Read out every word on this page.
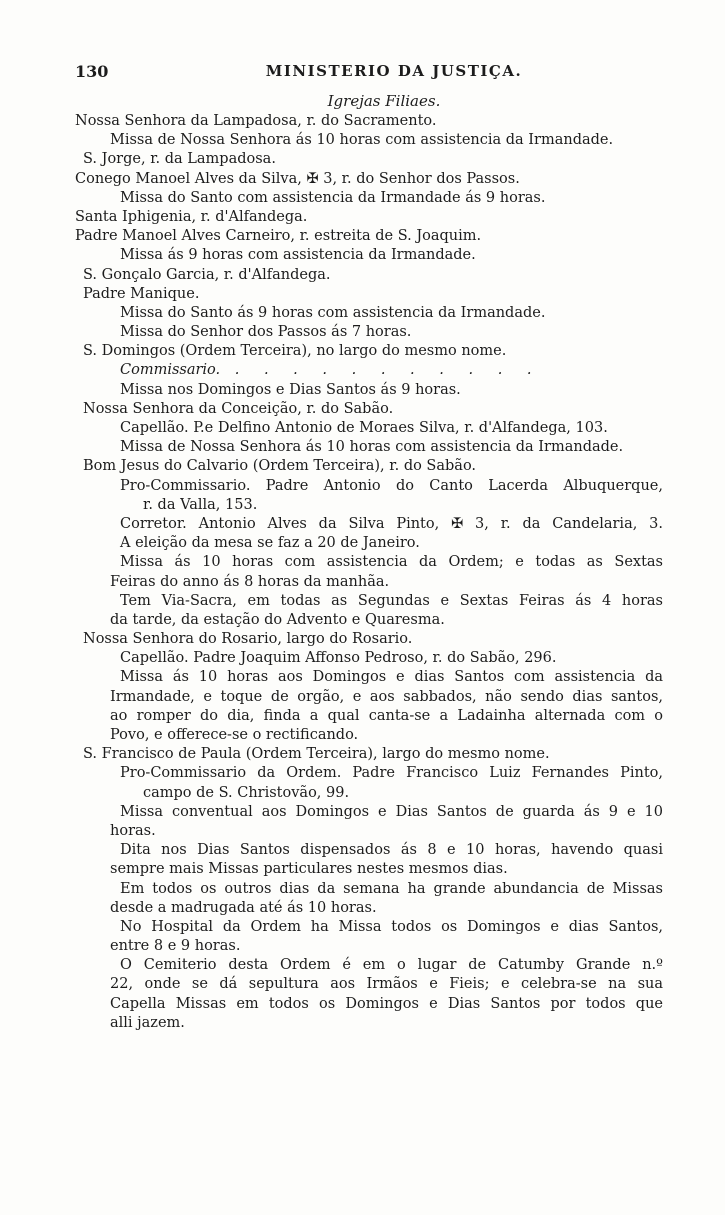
130	MINISTERIO DA JUSTIÇA.
Igrejas Filiaes.
Nossa Senhora da Lampadosa, r. do Sacramento.
Missa de Nossa Senhora ás 10 horas com assistencia da Irmandade.
S. Jorge, r. da Lampadosa.
Conego Manoel Alves da Silva, ✠ 3, r. do Senhor dos Passos.
Missa do Santo com assistencia da Irmandade ás 9 horas.
Santa Iphigenia, r. d'Alfandega.
Padre Manoel Alves Carneiro, r. estreita de S. Joaquim.
Missa ás 9 horas com assistencia da Irmandade.
S. Gonçalo Garcia, r. d'Alfandega.
Padre Manique.
Missa do Santo ás 9 horas com assistencia da Irmandade.
Missa do Senhor dos Passos ás 7 horas.
S. Domingos (Ordem Terceira), no largo do mesmo nome.
Commissario. . . . . . . . . . . .
Missa nos Domingos e Dias Santos ás 9 horas.
Nossa Senhora da Conceição, r. do Sabão.
Capellão. P.e Delfino Antonio de Moraes Silva, r. d'Alfandega, 103.
Missa de Nossa Senhora ás 10 horas com assistencia da Irmandade.
Bom Jesus do Calvario (Ordem Terceira), r. do Sabão.
Pro-Commissario. Padre Antonio do Canto Lacerda Albuquerque,
r. da Valla, 153.
Corretor. Antonio Alves da Silva Pinto, ✠ 3, r. da Candelaria, 3.
A eleição da mesa se faz a 20 de Janeiro.
Missa ás 10 horas com assistencia da Ordem; e todas as Sextas
Feiras do anno ás 8 horas da manhãa.
Tem Via-Sacra, em todas as Segundas e Sextas Feiras ás 4 horas
da tarde, da estação do Advento e Quaresma.
Nossa Senhora do Rosario, largo do Rosario.
Capellão. Padre Joaquim Affonso Pedroso, r. do Sabão, 296.
Missa ás 10 horas aos Domingos e dias Santos com assistencia da
Irmandade, e toque de orgão, e aos sabbados, não sendo dias santos,
ao romper do dia, finda a qual canta-se a Ladainha alternada com o
Povo, e offerece-se o rectificando.
S. Francisco de Paula (Ordem Terceira), largo do mesmo nome.
Pro-Commissario da Ordem. Padre Francisco Luiz Fernandes Pinto,
campo de S. Christovão, 99.
Missa conventual aos Domingos e Dias Santos de guarda ás 9 e 10
horas.
Dita nos Dias Santos dispensados ás 8 e 10 horas, havendo quasi
sempre mais Missas particulares nestes mesmos dias.
Em todos os outros dias da semana ha grande abundancia de Missas
desde a madrugada até ás 10 horas.
No Hospital da Ordem ha Missa todos os Domingos e dias Santos,
entre 8 e 9 horas.
O Cemiterio desta Ordem é em o lugar de Catumby Grande n.º
22, onde se dá sepultura aos Irmãos e Fieis; e celebra-se na sua
Capella Missas em todos os Domingos e Dias Santos por todos que
alli jazem.
